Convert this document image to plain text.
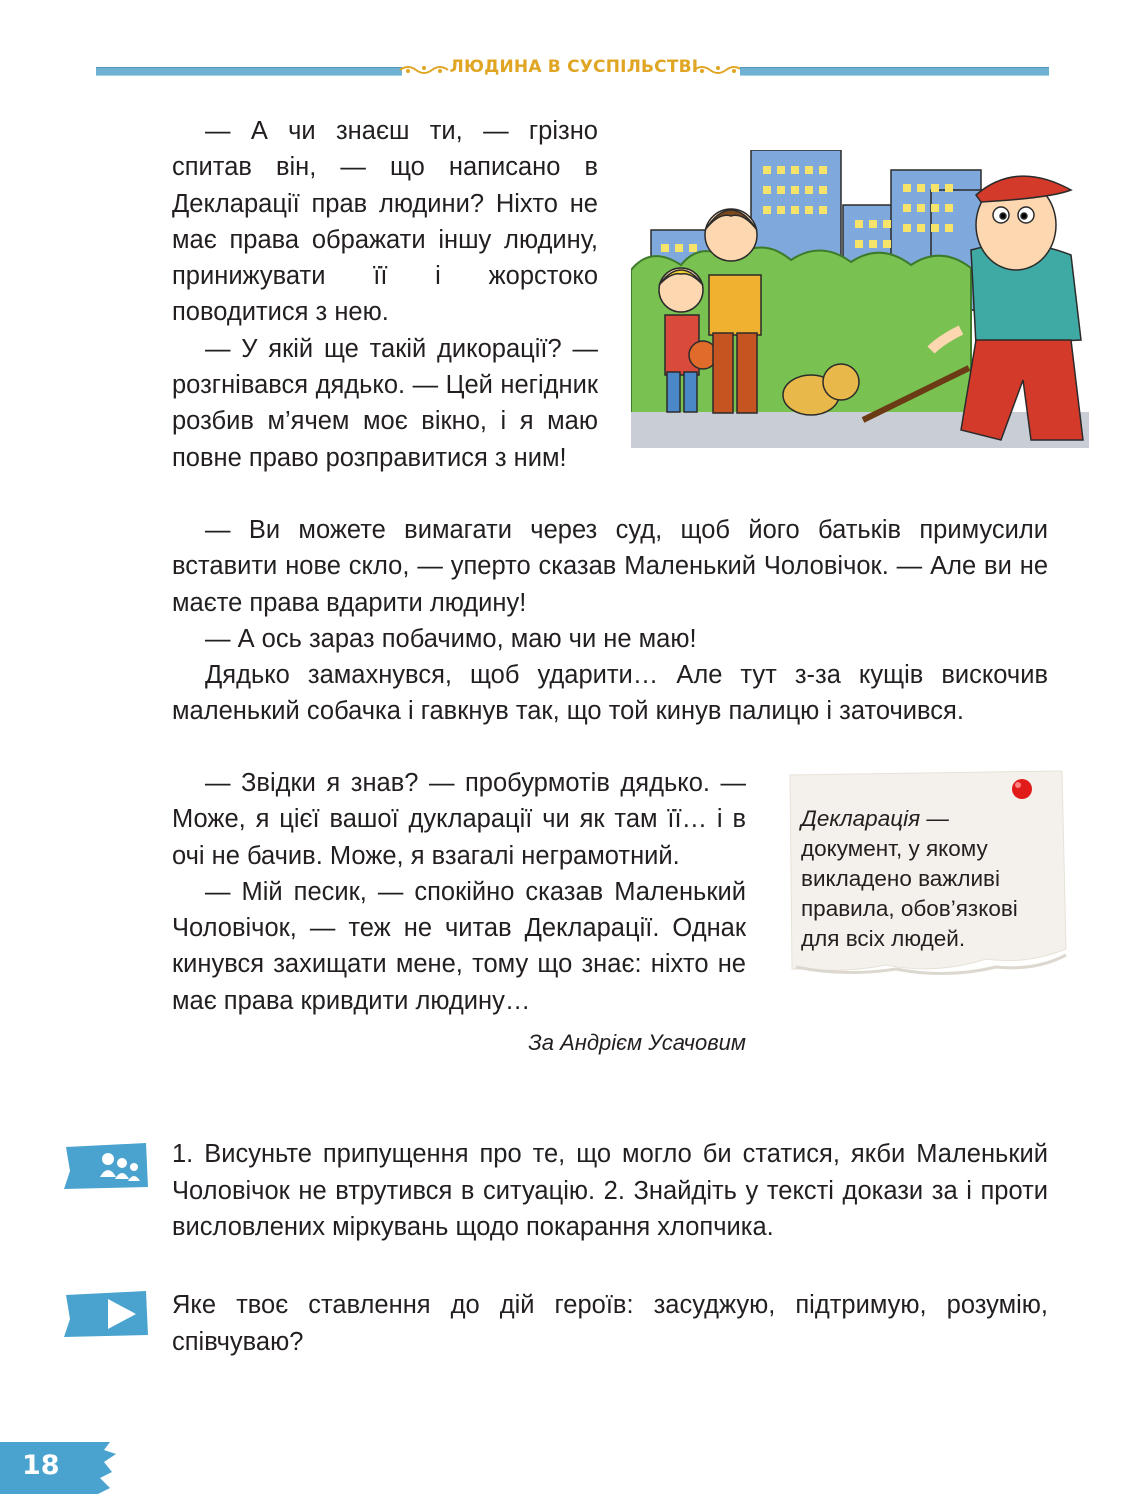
ЛЮДИНА В СУСПІЛЬСТВІ

— А чи знаєш ти, — грізно спитав він, — що написано в Декларації прав людини? Ніхто не має права ображати іншу людину, принижувати її і жорстоко поводитися з нею.

— У якій ще такій дикорації? — розгнівався дядько. — Цей негідник розбив м’ячем моє вікно, і я маю повне право розправитися з ним!

— Ви можете вимагати через суд, щоб його батьків примусили вставити нове скло, — уперто сказав Маленький Чоловічок. — Але ви не маєте права вдарити людину!

— А ось зараз побачимо, маю чи не маю!

Дядько замахнувся, щоб ударити… Але тут з-за кущів вискочив маленький собачка і гавкнув так, що той кинув палицю і заточився.

— Звідки я знав? — пробурмотів дядько. — Може, я цієї вашої дукларації чи як там її… і в очі не бачив. Може, я взагалі неграмотний.

— Мій песик, — спокійно сказав Маленький Чоловічок, — теж не читав Декларації. Однак кинувся захищати мене, тому що знає: ніхто не має права кривдити людину…

За Андрієм Усачовим

Декларація —
документ, у якому викладено важливі правила, обов’язкові для всіх людей.
1. Висуньте припущення про те, що могло би статися, якби Маленький Чоловічок не втрутився в ситуацію. 2. Знайдіть у тексті докази за і проти висловлених міркувань щодо покарання хлопчика.
Яке твоє ставлення до дій героїв: засуджую, підтримую, розумію, співчуваю?
18
